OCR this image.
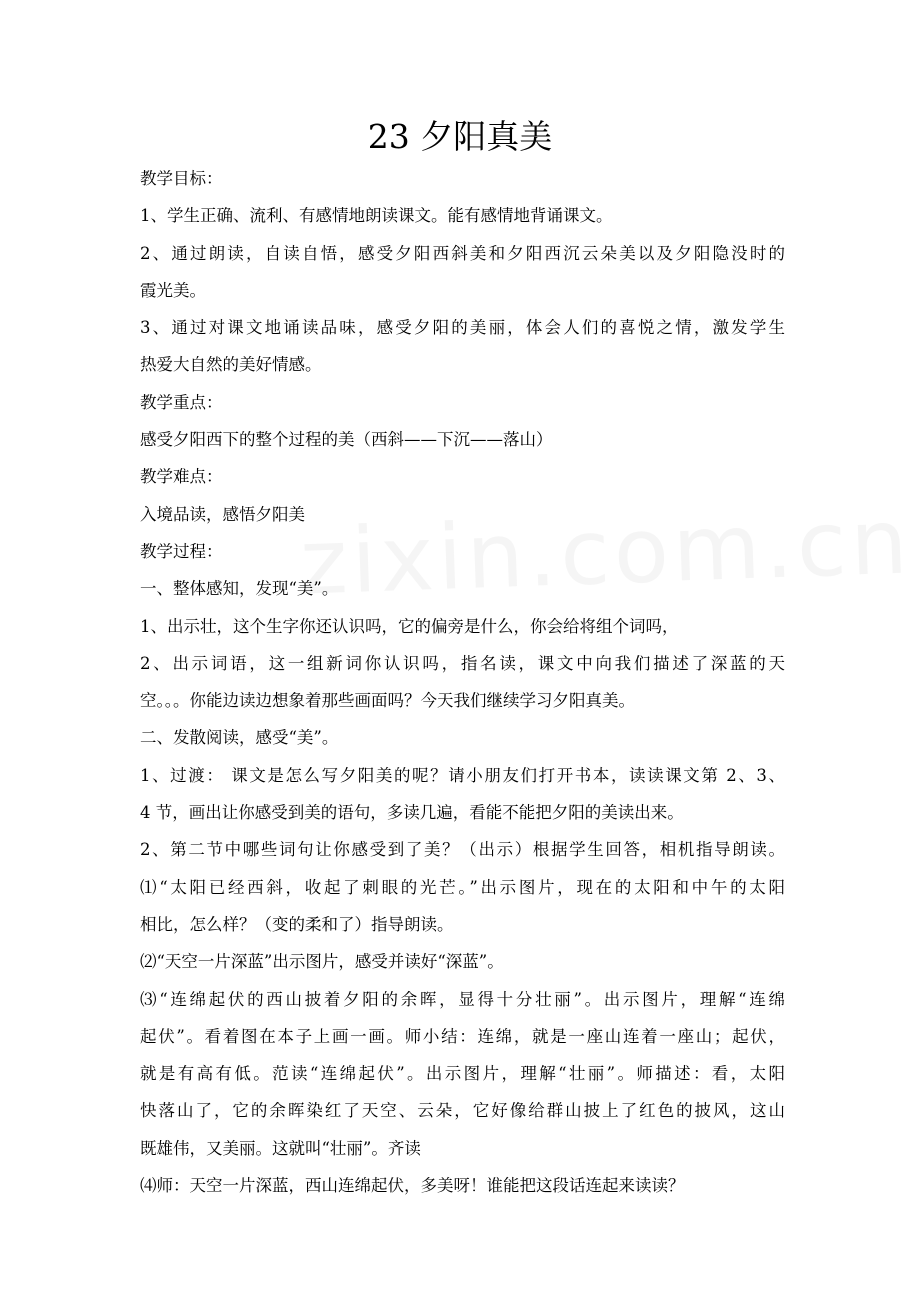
zixin.com.cn
23 夕阳真美
教学目标：
1、学生正确、流利、有感情地朗读课文。能有感情地背诵课文。
2、通过朗读，自读自悟，感受夕阳西斜美和夕阳西沉云朵美以及夕阳隐没时的
霞光美。
3、通过对课文地诵读品味，感受夕阳的美丽，体会人们的喜悦之情，激发学生
热爱大自然的美好情感。
教学重点：
感受夕阳西下的整个过程的美（西斜——下沉——落山）
教学难点：
入境品读，感悟夕阳美
教学过程：
一、整体感知，发现“美”。
1、出示壮，这个生字你还认识吗，它的偏旁是什么，你会给将组个词吗，
2、出示词语，这一组新词你认识吗，指名读，课文中向我们描述了深蓝的天
空。。。你能边读边想象着那些画面吗？今天我们继续学习夕阳真美。
二、发散阅读，感受“美”。
1、过渡： 课文是怎么写夕阳美的呢？请小朋友们打开书本，读读课文第 2、3、
4 节，画出让你感受到美的语句，多读几遍，看能不能把夕阳的美读出来。
2、第二节中哪些词句让你感受到了美？（出示）根据学生回答，相机指导朗读。
⑴“太阳已经西斜，收起了刺眼的光芒。”出示图片，现在的太阳和中午的太阳
相比，怎么样？（变的柔和了）指导朗读。
⑵“天空一片深蓝”出示图片，感受并读好“深蓝”。
⑶“连绵起伏的西山披着夕阳的余晖，显得十分壮丽”。出示图片，理解“连绵
起伏”。看着图在本子上画一画。师小结：连绵，就是一座山连着一座山；起伏，
就是有高有低。范读“连绵起伏”。出示图片，理解“壮丽”。师描述：看，太阳
快落山了，它的余晖染红了天空、云朵，它好像给群山披上了红色的披风，这山
既雄伟，又美丽。这就叫“壮丽”。齐读
⑷师：天空一片深蓝，西山连绵起伏，多美呀！谁能把这段话连起来读读？
